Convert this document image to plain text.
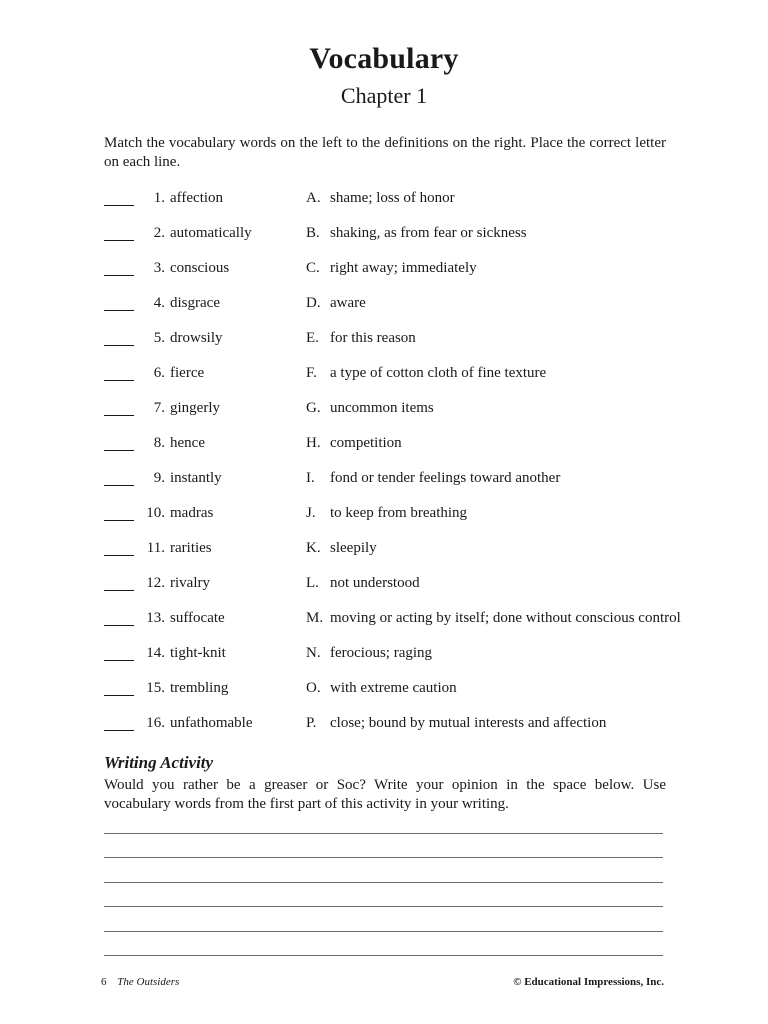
Vocabulary
Chapter 1
Match the vocabulary words on the left to the definitions on the right. Place the correct letter on each line.
1. affection	A. shame; loss of honor
2. automatically	B. shaking, as from fear or sickness
3. conscious	C. right away; immediately
4. disgrace	D. aware
5. drowsily	E. for this reason
6. fierce	F. a type of cotton cloth of fine texture
7. gingerly	G. uncommon items
8. hence	H. competition
9. instantly	I. fond or tender feelings toward another
10. madras	J. to keep from breathing
11. rarities	K. sleepily
12. rivalry	L. not understood
13. suffocate	M. moving or acting by itself; done without conscious control
14. tight-knit	N. ferocious; raging
15. trembling	O. with extreme caution
16. unfathomable	P. close; bound by mutual interests and affection
Writing Activity
Would you rather be a greaser or Soc? Write your opinion in the space below. Use vocabulary words from the first part of this activity in your writing.
6 The Outsiders	© Educational Impressions, Inc.
